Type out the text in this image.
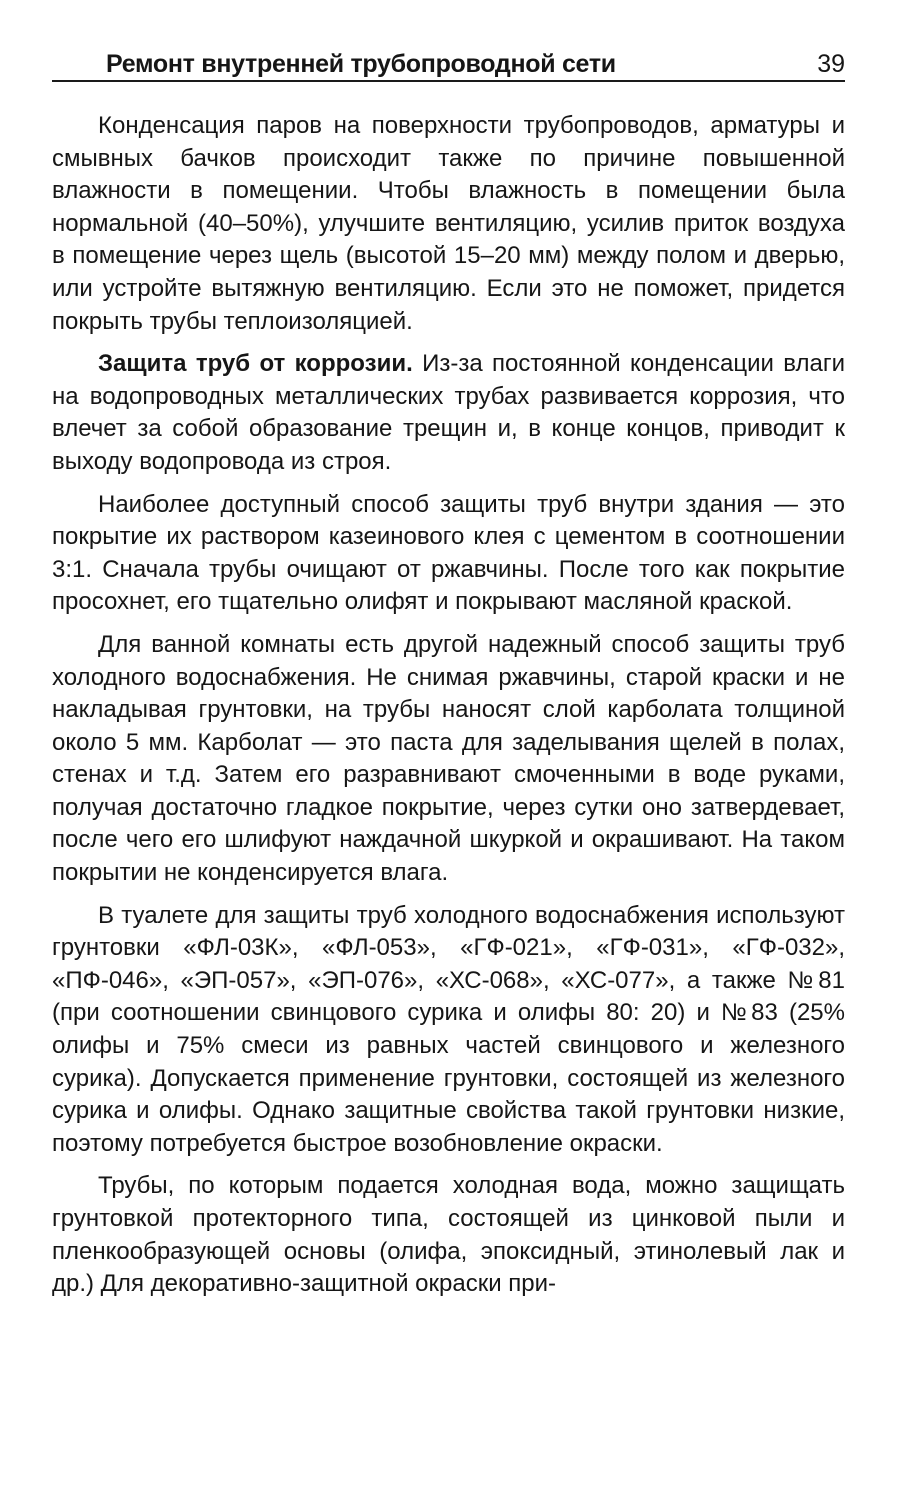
Ремонт внутренней трубопроводной сети	39

Конденсация паров на поверхности трубопроводов, арматуры и смывных бачков происходит также по причине повышенной влажности в помещении. Чтобы влажность в помещении была нормальной (40–50%), улучшите вентиляцию, усилив приток воздуха в помещение через щель (высотой 15–20 мм) между полом и дверью, или устройте вытяжную вентиляцию. Если это не поможет, придется покрыть трубы теплоизоляцией.

Защита труб от коррозии. Из-за постоянной конденсации влаги на водопроводных металлических трубах развивается коррозия, что влечет за собой образование трещин и, в конце концов, приводит к выходу водопровода из строя.

Наиболее доступный способ защиты труб внутри здания — это покрытие их раствором казеинового клея с цементом в соотношении 3:1. Сначала трубы очищают от ржавчины. После того как покрытие просохнет, его тщательно олифят и покрывают масляной краской.

Для ванной комнаты есть другой надежный способ защиты труб холодного водоснабжения. Не снимая ржавчины, старой краски и не накладывая грунтовки, на трубы наносят слой карболата толщиной около 5 мм. Карболат — это паста для заделывания щелей в полах, стенах и т.д. Затем его разравнивают смоченными в воде руками, получая достаточно гладкое покрытие, через сутки оно затвердевает, после чего его шлифуют наждачной шкуркой и окрашивают. На таком покрытии не конденсируется влага.

В туалете для защиты труб холодного водоснабжения используют грунтовки «ФЛ-03К», «ФЛ-053», «ГФ-021», «ГФ-031», «ГФ-032», «ПФ-046», «ЭП-057», «ЭП-076», «ХС-068», «ХС-077», а также №81 (при соотношении свинцового сурика и олифы 80: 20) и №83 (25% олифы и 75% смеси из равных частей свинцового и железного сурика). Допускается применение грунтовки, состоящей из железного сурика и олифы. Однако защитные свойства такой грунтовки низкие, поэтому потребуется быстрое возобновление окраски.

Трубы, по которым подается холодная вода, можно защищать грунтовкой протекторного типа, состоящей из цинковой пыли и пленкообразующей основы (олифа, эпоксидный, этинолевый лак и др.) Для декоративно-защитной окраски при-
